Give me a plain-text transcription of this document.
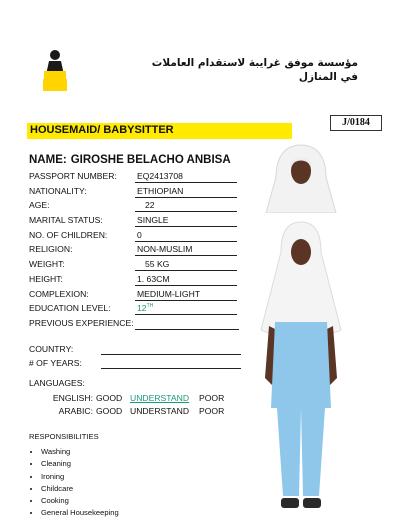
مؤسسة موفق غرايبة لاستقدام العاملات
في المنازل
HOUSEMAID/ BABYSITTER
J/0184
NAME: GIROSHE BELACHO ANBISA
PASSPORT NUMBER: EQ2413708
NATIONALITY:	ETHIOPIAN
AGE:	22
MARITAL STATUS:	SINGLE
NO. OF CHILDREN:	0
RELIGION:	NON-MUSLIM
WEIGHT:	55 KG
HEIGHT:	1. 63CM
COMPLEXION:	MEDIUM-LIGHT
EDUCATION LEVEL:	12TH
PREVIOUS EXPERIENCE:
COUNTRY:
# OF YEARS:
LANGUAGES:
ENGLISH: GOOD UNDERSTAND POOR
ARABIC: GOOD UNDERSTAND POOR
RESPONSIBILITIES
• Washing
• Cleaning
• Ironing
• Childcare
• Cooking
• General Housekeeping
